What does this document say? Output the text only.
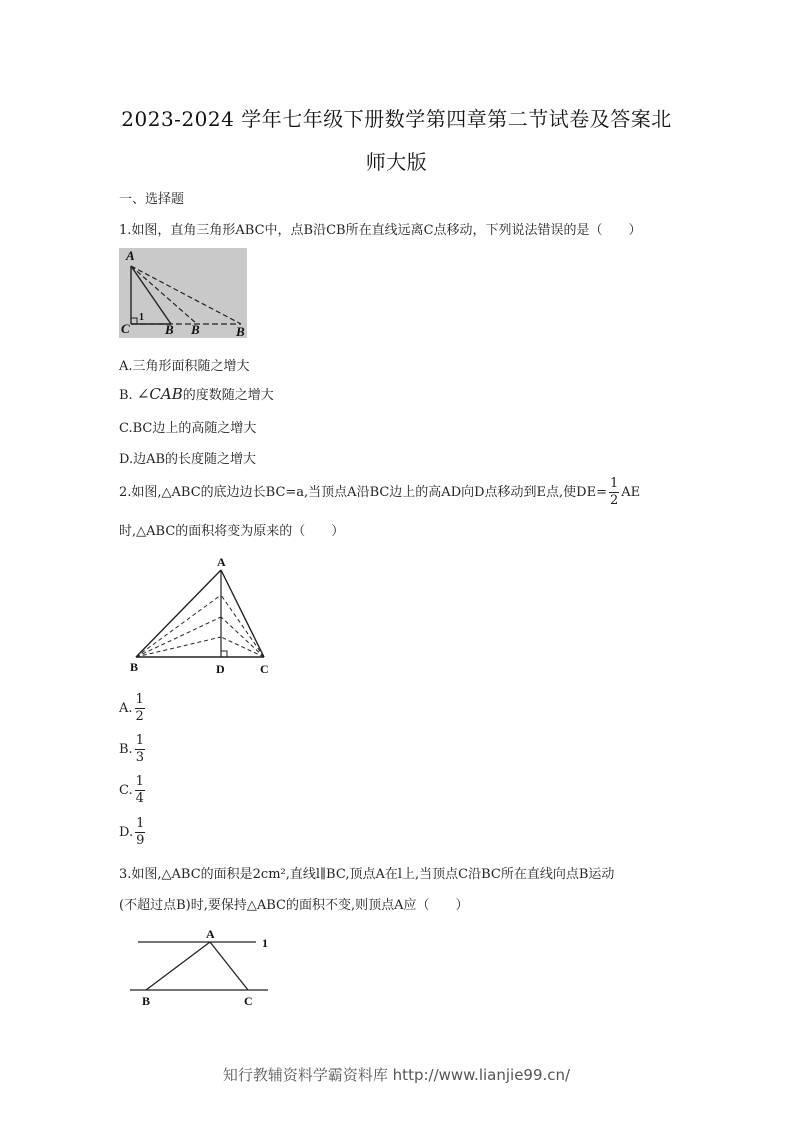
2023-2024 学年七年级下册数学第四章第二节试卷及答案北
师大版
一、选择题
1.如图，直角三角形ABC中，点B沿CB所在直线远离C点移动，下列说法错误的是（　　）
A
C	B B	B
1
A.三角形面积随之增大
B. ∠CAB的度数随之增大
C.BC边上的高随之增大
D.边AB的长度随之增大
2.如图,△ABC的底边边长BC=a,当顶点A沿BC边上的高AD向D点移动到E点,使$DE= \frac{1}{2}$ AE
时,△ABC的面积将变为原来的（　　）
A
B	D	C
A. $\frac{1}{2}$
B. $\frac{1}{3}$
C. $\frac{1}{4}$
D. $\frac{1}{9}$
3.如图,△ABC的面积是2cm²,直线l∥BC,顶点A在l上,当顶点C沿BC所在直线向点B运动
(不超过点B)时,要保持△ABC的面积不变,则顶点A应（　　）
A
1
B	C
知行教辅资料学霸资料库 http://www.lianjie99.cn/
